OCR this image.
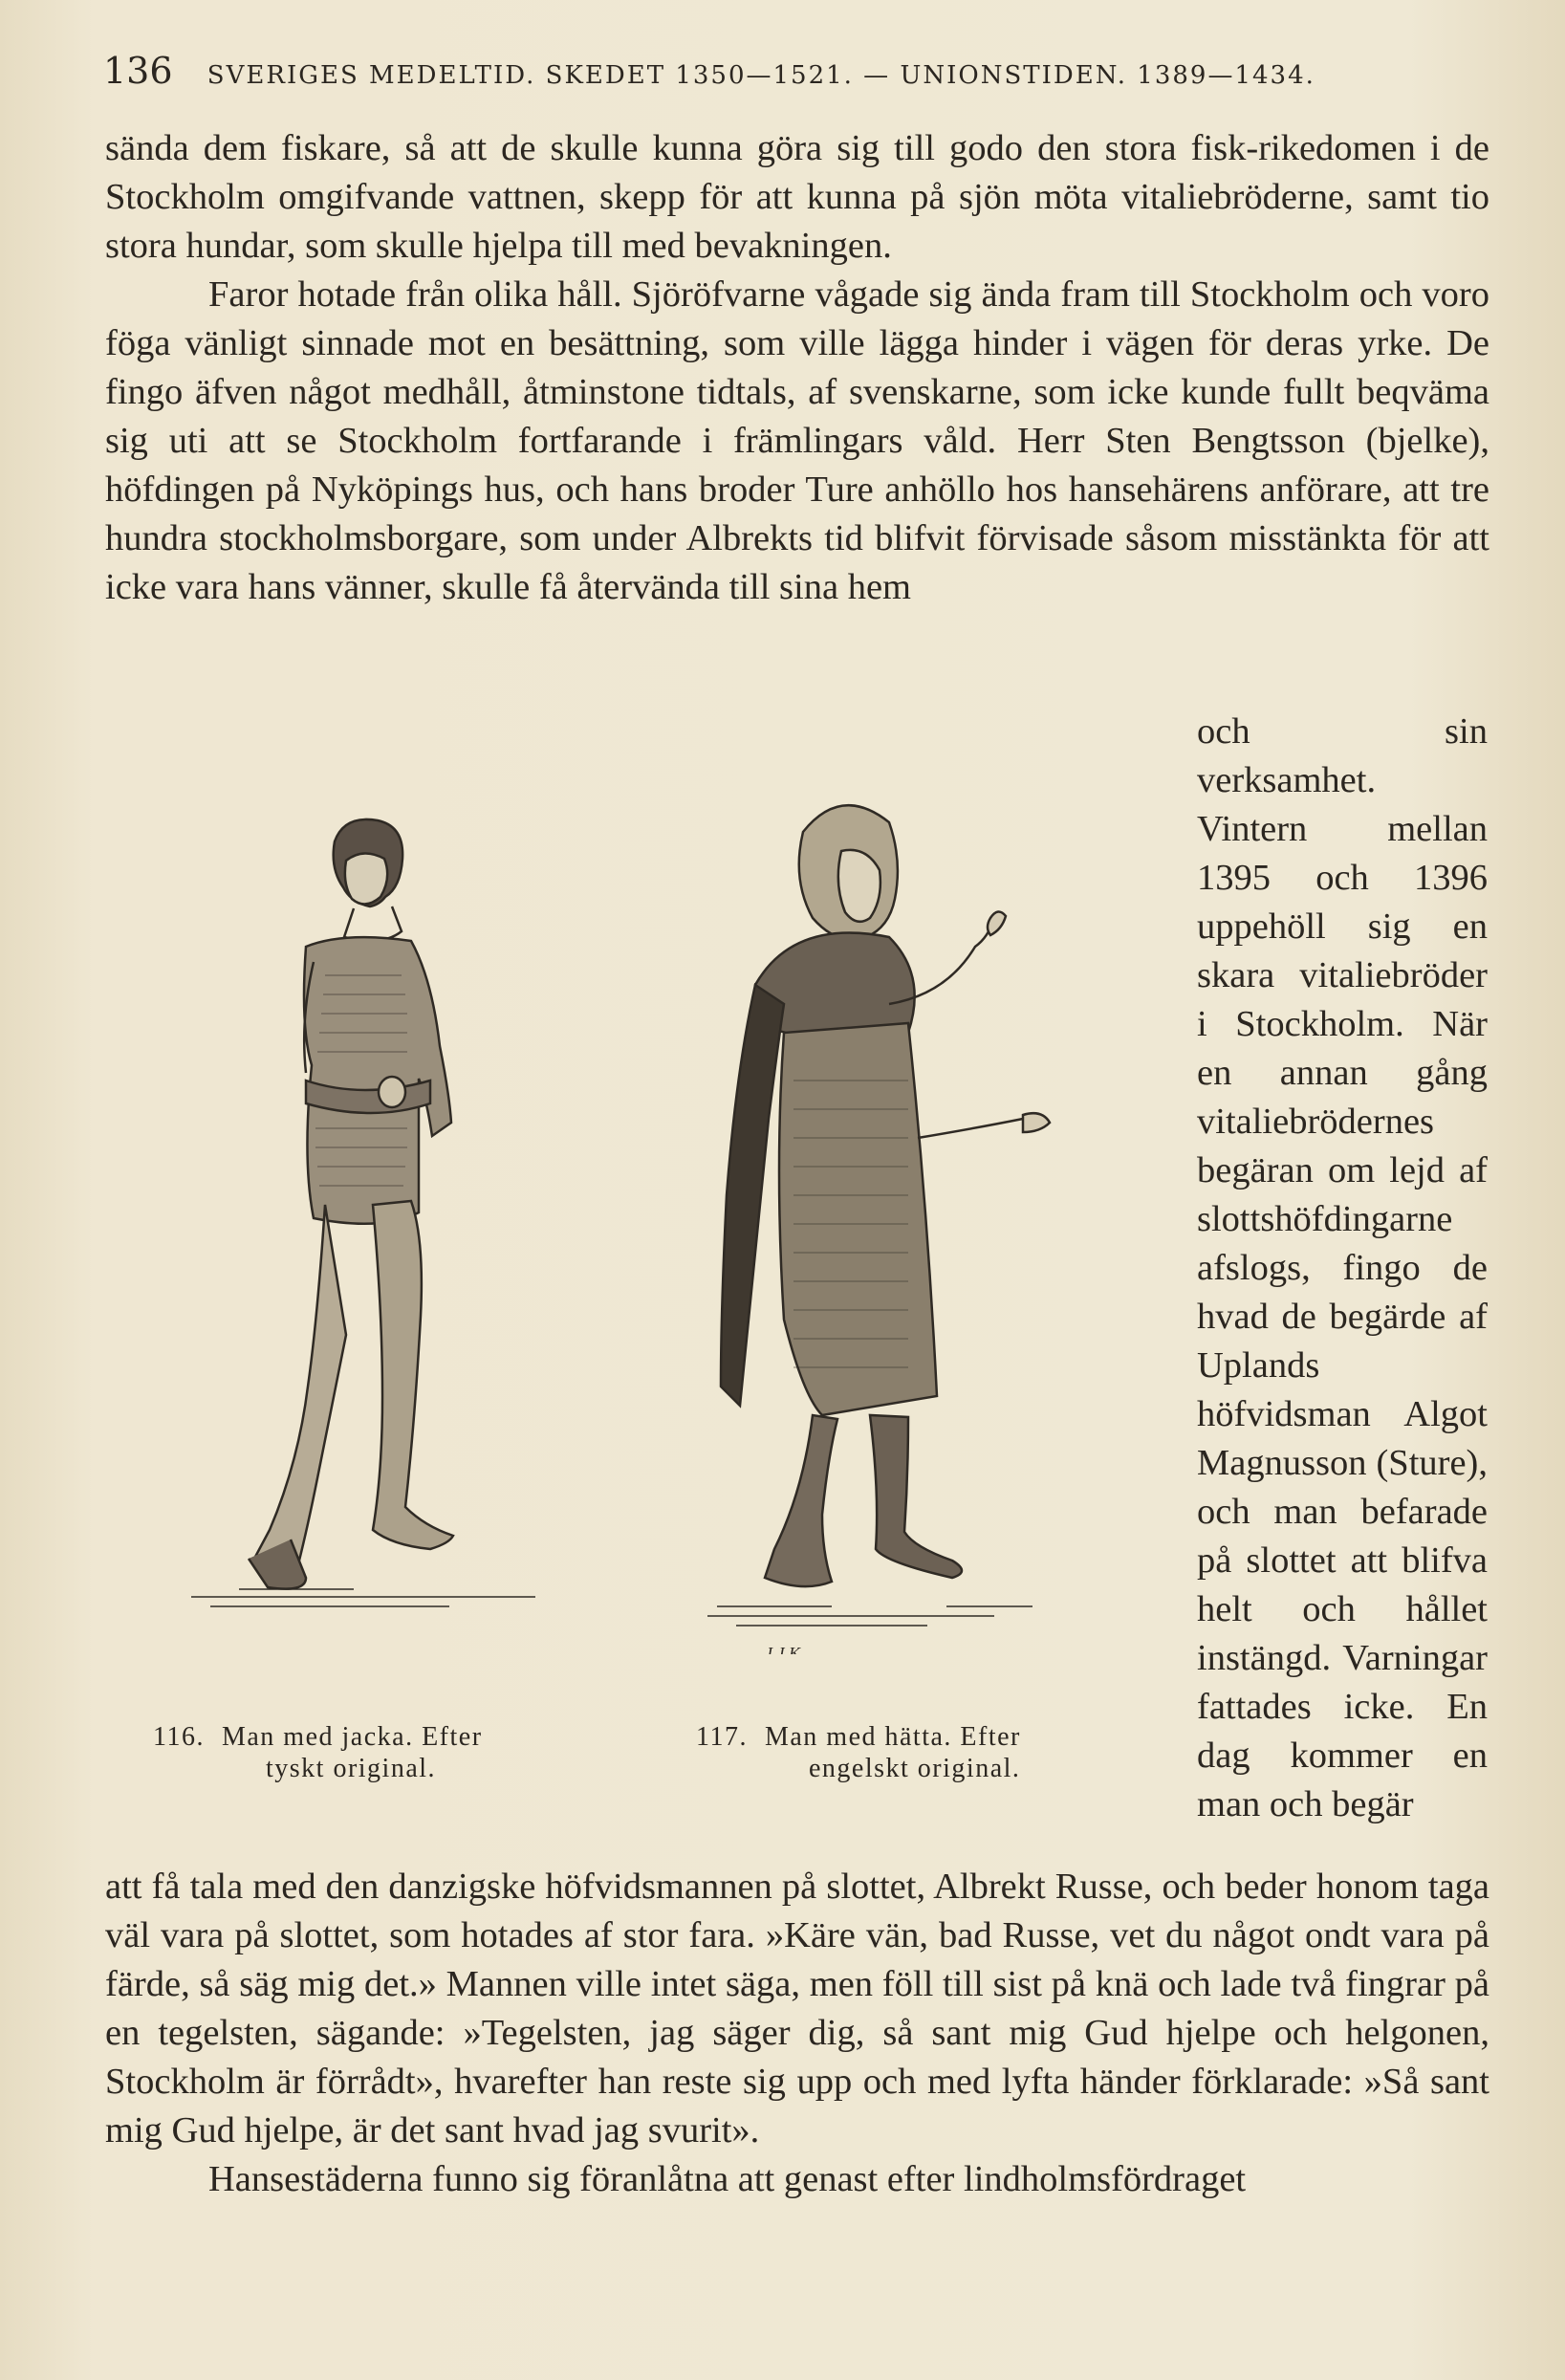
136 SVERIGES MEDELTID. SKEDET 1350—1521. — UNIONSTIDEN. 1389—1434.

sända dem fiskare, så att de skulle kunna göra sig till godo den stora fisk-rikedomen i de Stockholm omgifvande vattnen, skepp för att kunna på sjön möta vitaliebröderne, samt tio stora hundar, som skulle hjelpa till med bevakningen.

Faror hotade från olika håll. Sjöröfvarne vågade sig ända fram till Stockholm och voro föga vänligt sinnade mot en besättning, som ville lägga hinder i vägen för deras yrke. De fingo äfven något medhåll, åtminstone tidtals, af svenskarne, som icke kunde fullt beqväma sig uti att se Stockholm fortfarande i främlingars våld. Herr Sten Bengtsson (bjelke), höfdingen på Nyköpings hus, och hans broder Ture anhöllo hos hansehärens anförare, att tre hundra stockholmsborgare, som under Albrekts tid blifvit förvisade såsom misstänkta för att icke vara hans vänner, skulle få återvända till sina hem

och sin verksamhet. Vintern mellan 1395 och 1396 uppehöll sig en skara vitaliebröder i Stockholm. När en annan gång vitaliebrödernes begäran om lejd af slottshöfdingarne afslogs, fingo de hvad de begärde af Uplands höfvidsman Algot Magnusson (Sture), och man befarade på slottet att blifva helt och hållet instängd. Varningar fattades icke. En dag kommer en man och begär

J.J.K.
116. Man med jacka. Efter
tyskt original.
117. Man med hätta. Efter
engelskt original.

att få tala med den danzigske höfvidsmannen på slottet, Albrekt Russe, och beder honom taga väl vara på slottet, som hotades af stor fara. »Käre vän, bad Russe, vet du något ondt vara på färde, så säg mig det.» Mannen ville intet säga, men föll till sist på knä och lade två fingrar på en tegelsten, sägande: »Tegelsten, jag säger dig, så sant mig Gud hjelpe och helgonen, Stockholm är förrådt», hvarefter han reste sig upp och med lyfta händer förklarade: »Så sant mig Gud hjelpe, är det sant hvad jag svurit».

Hansestäderna funno sig föranlåtna att genast efter lindholmsfördraget
